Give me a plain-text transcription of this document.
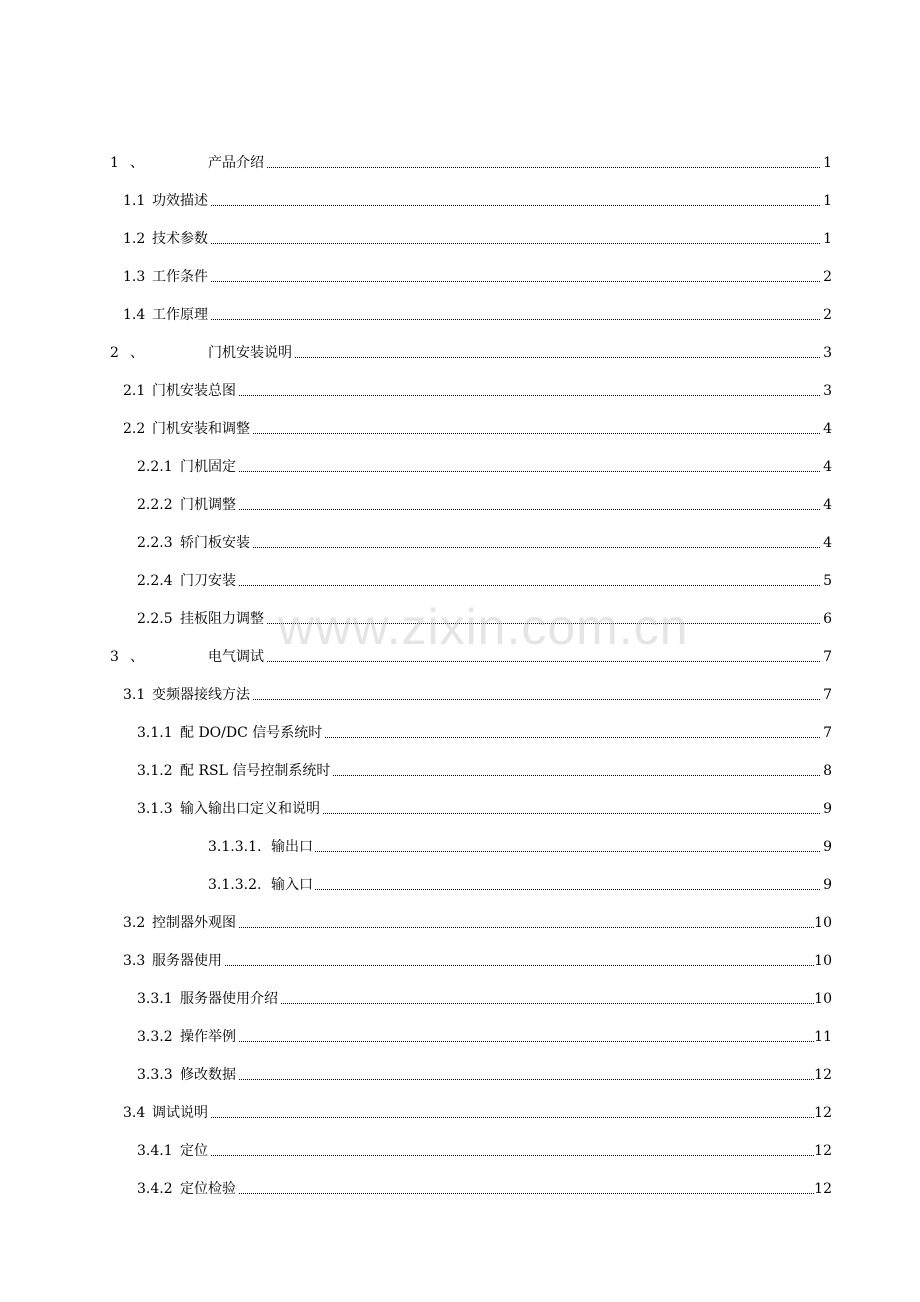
1 、	产品介绍	1
1.1 功效描述	1
1.2 技术参数	1
1.3 工作条件	2
1.4 工作原理	2
2 、	门机安装说明	3
2.1 门机安装总图	3
2.2 门机安装和调整	4
2.2.1 门机固定	4
2.2.2 门机调整	4
2.2.3 轿门板安装	4
2.2.4 门刀安装	5
2.2.5 挂板阻力调整	6
3 、	电气调试	7
3.1 变频器接线方法	7
3.1.1 配 DO/DC 信号系统时	7
3.1.2 配 RSL 信号控制系统时	8
3.1.3 输入输出口定义和说明	9
3.1.3.1. 输出口	9
3.1.3.2. 输入口	9
3.2 控制器外观图	10
3.3 服务器使用	10
3.3.1 服务器使用介绍	10
3.3.2 操作举例	11
3.3.3 修改数据	12
3.4 调试说明	12
3.4.1 定位	12
3.4.2 定位检验	12
www.zixin.com.cn
